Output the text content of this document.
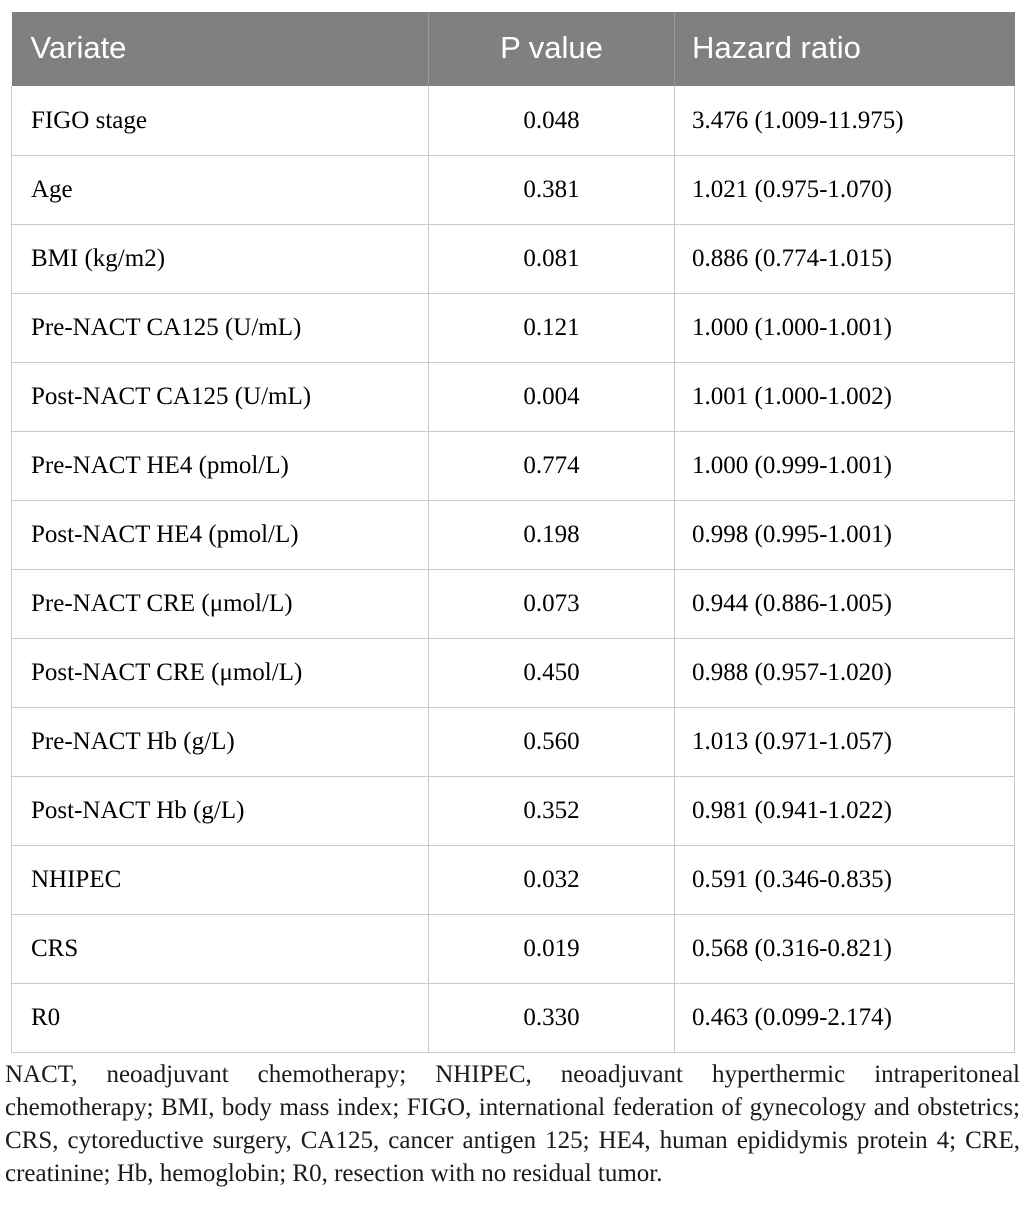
Variate	P value	Hazard ratio
FIGO stage	0.048	3.476 (1.009-11.975)
Age	0.381	1.021 (0.975-1.070)
BMI (kg/m2)	0.081	0.886 (0.774-1.015)
Pre-NACT CA125 (U/mL)	0.121	1.000 (1.000-1.001)
Post-NACT CA125 (U/mL)	0.004	1.001 (1.000-1.002)
Pre-NACT HE4 (pmol/L)	0.774	1.000 (0.999-1.001)
Post-NACT HE4 (pmol/L)	0.198	0.998 (0.995-1.001)
Pre-NACT CRE (μmol/L)	0.073	0.944 (0.886-1.005)
Post-NACT CRE (μmol/L)	0.450	0.988 (0.957-1.020)
Pre-NACT Hb (g/L)	0.560	1.013 (0.971-1.057)
Post-NACT Hb (g/L)	0.352	0.981 (0.941-1.022)
NHIPEC	0.032	0.591 (0.346-0.835)
CRS	0.019	0.568 (0.316-0.821)
R0	0.330	0.463 (0.099-2.174)
NACT, neoadjuvant chemotherapy; NHIPEC, neoadjuvant hyperthermic intraperitoneal chemotherapy; BMI, body mass index; FIGO, international federation of gynecology and obstetrics; CRS, cytoreductive surgery, CA125, cancer antigen 125; HE4, human epididymis protein 4; CRE, creatinine; Hb, hemoglobin; R0, resection with no residual tumor.
